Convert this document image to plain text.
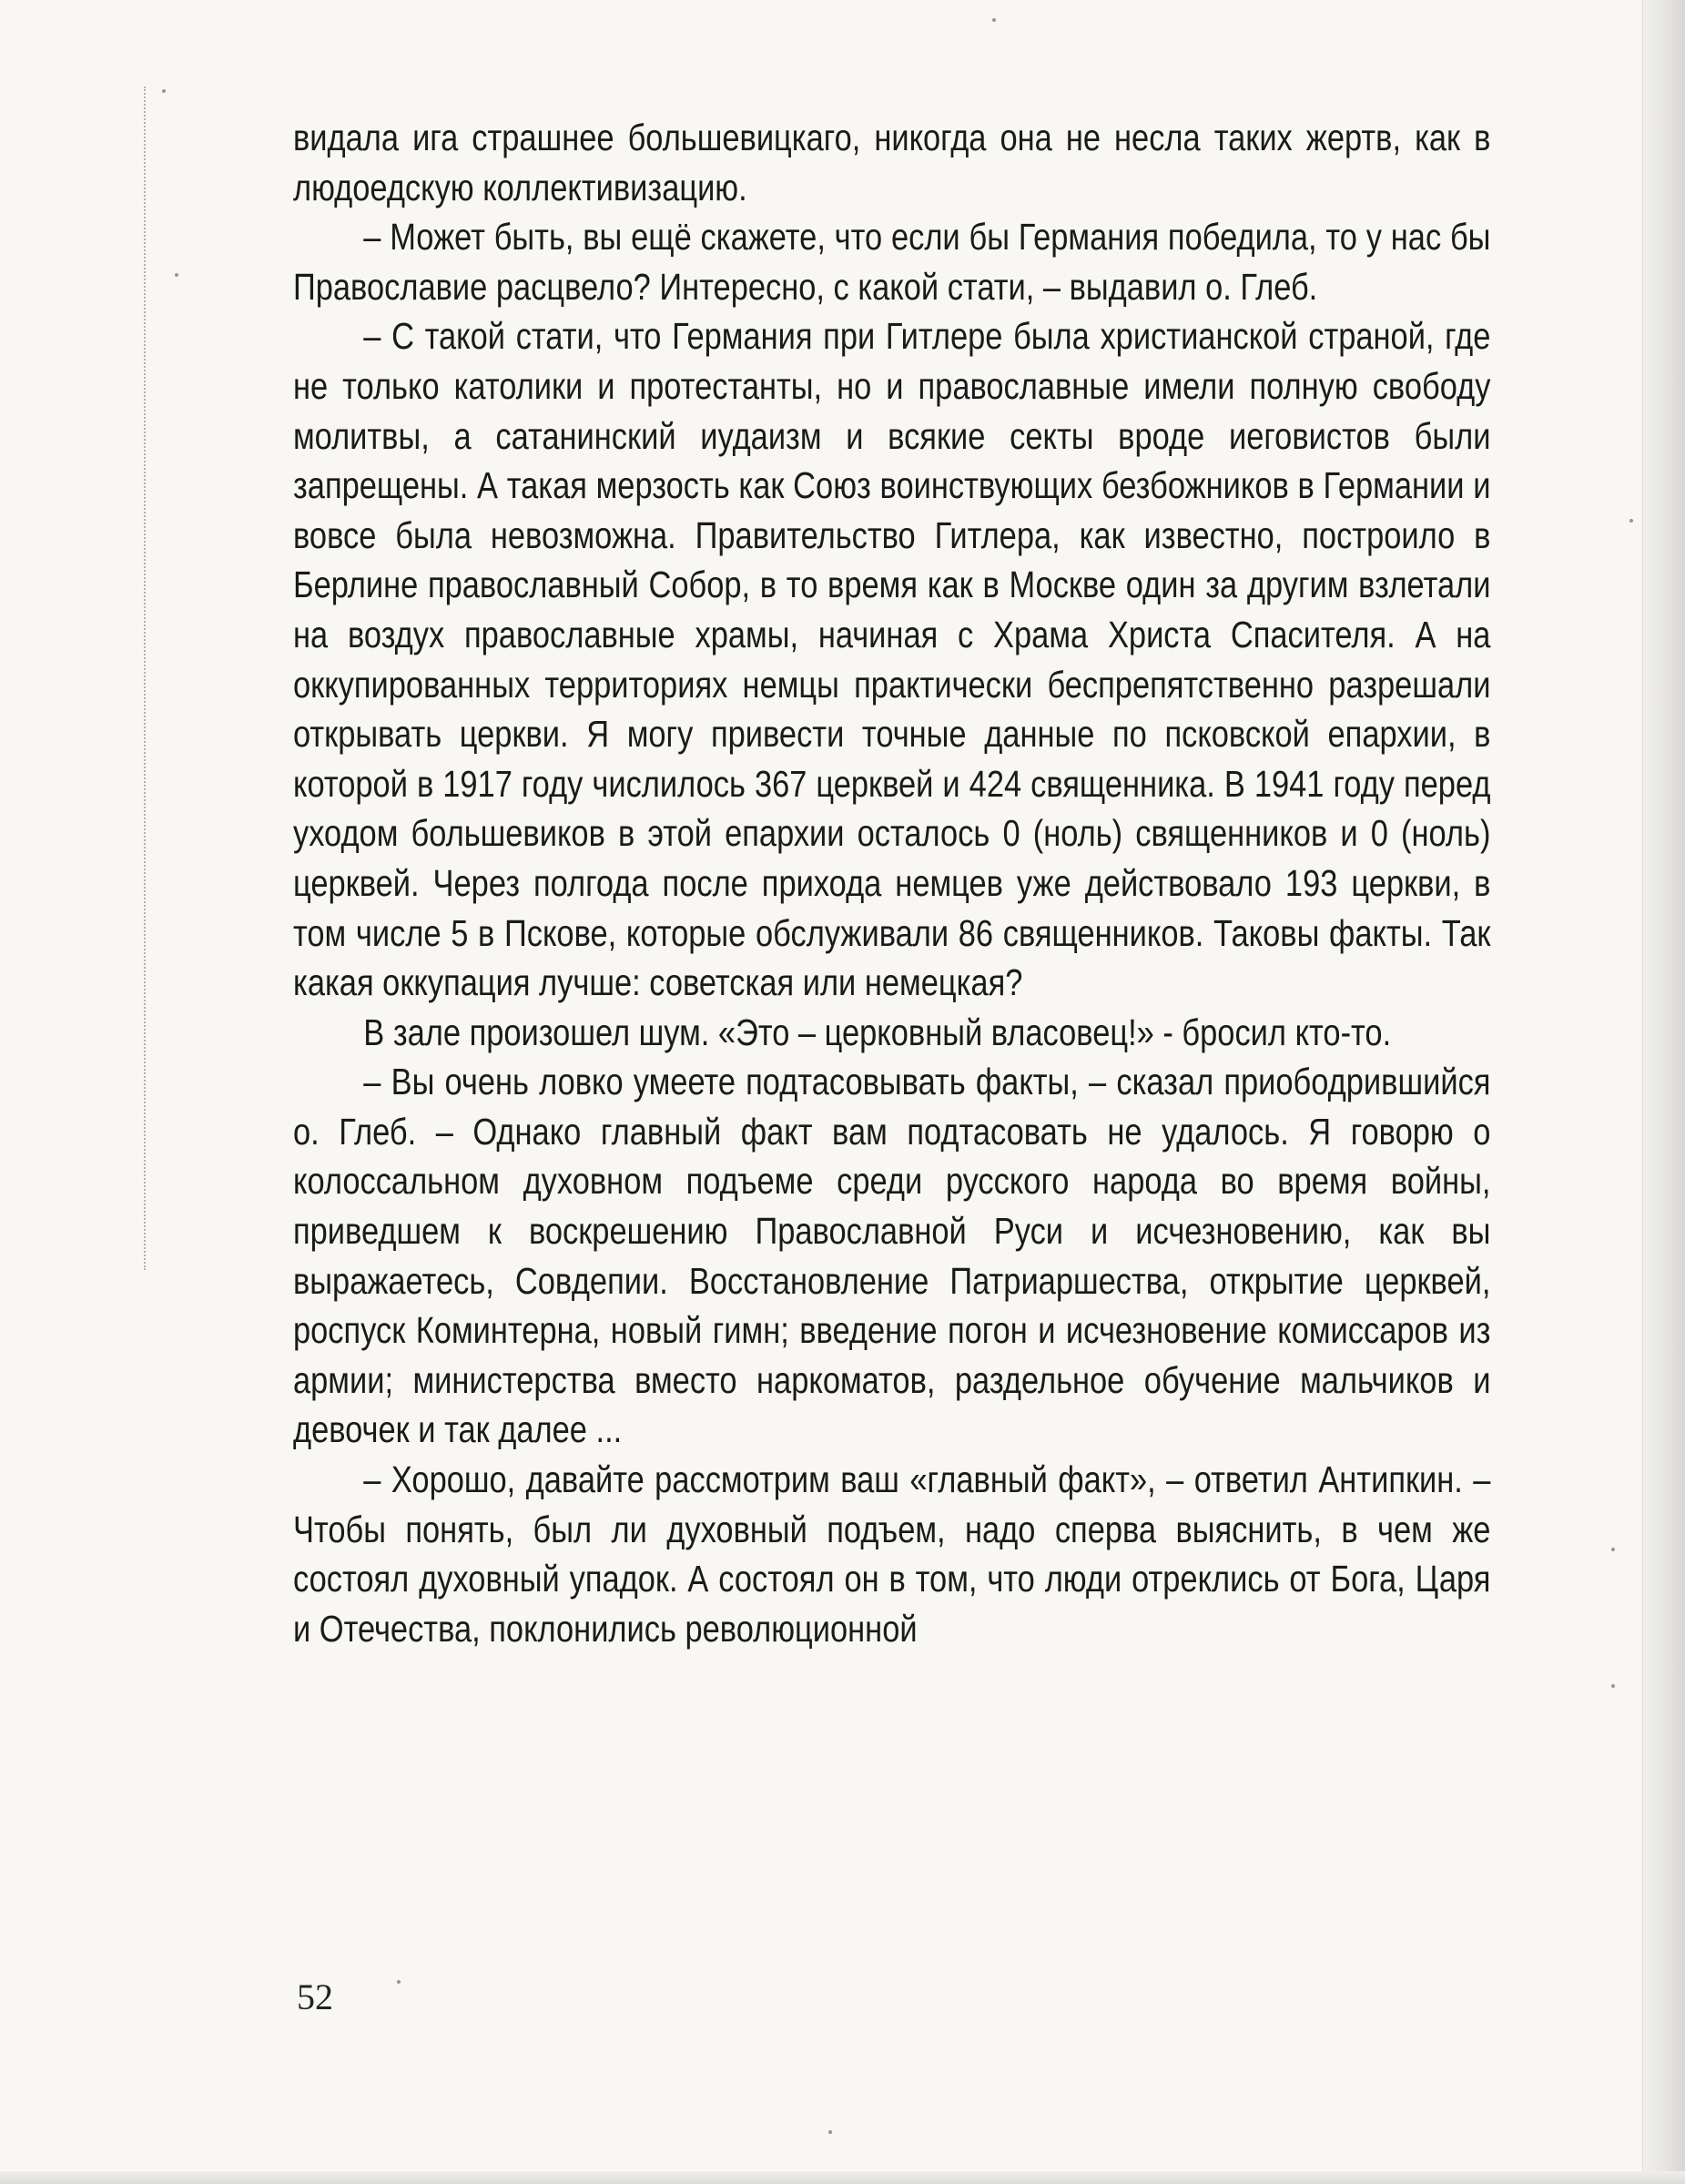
видала ига страшнее большевицкаго, никогда она не несла таких жертв, как в людоедскую коллективизацию.

– Может быть, вы ещё скажете, что если бы Германия победила, то у нас бы Православие расцвело? Интересно, с какой стати, – выдавил о. Глеб.

– С такой стати, что Германия при Гитлере была христианской страной, где не только католики и протестанты, но и православные имели полную свободу молитвы, а сатанинский иудаизм и всякие секты вроде иеговистов были запрещены. А такая мерзость как Союз воинствующих безбожников в Германии и вовсе была невозможна. Правительство Гитлера, как известно, построило в Берлине православный Собор, в то время как в Москве один за другим взлетали на воздух православные храмы, начиная с Храма Христа Спасителя. А на оккупированных территориях немцы практически беспрепятственно разрешали открывать церкви. Я могу привести точные данные по псковской епархии, в которой в 1917 году числилось 367 церквей и 424 священника. В 1941 году перед уходом большевиков в этой епархии осталось 0 (ноль) священников и 0 (ноль) церквей. Через полгода после прихода немцев уже действовало 193 церкви, в том числе 5 в Пскове, которые обслуживали 86 священников. Таковы факты. Так какая оккупация лучше: советская или немецкая?

В зале произошел шум. «Это – церковный власовец!» - бросил кто-то.

– Вы очень ловко умеете подтасовывать факты, – сказал приободрившийся о. Глеб. – Однако главный факт вам подтасовать не удалось. Я говорю о колоссальном духовном подъеме среди русского народа во время войны, приведшем к воскрешению Православной Руси и исчезновению, как вы выражаетесь, Совдепии. Восстановление Патриаршества, открытие церквей, роспуск Коминтерна, новый гимн; введение погон и исчезновение комиссаров из армии; министерства вместо наркоматов, раздельное обучение мальчиков и девочек и так далее ...

– Хорошо, давайте рассмотрим ваш «главный факт», – ответил Антипкин. – Чтобы понять, был ли духовный подъем, надо сперва выяснить, в чем же состоял духовный упадок. А состоял он в том, что люди отреклись от Бога, Царя и Отечества, поклонились революционной

52
